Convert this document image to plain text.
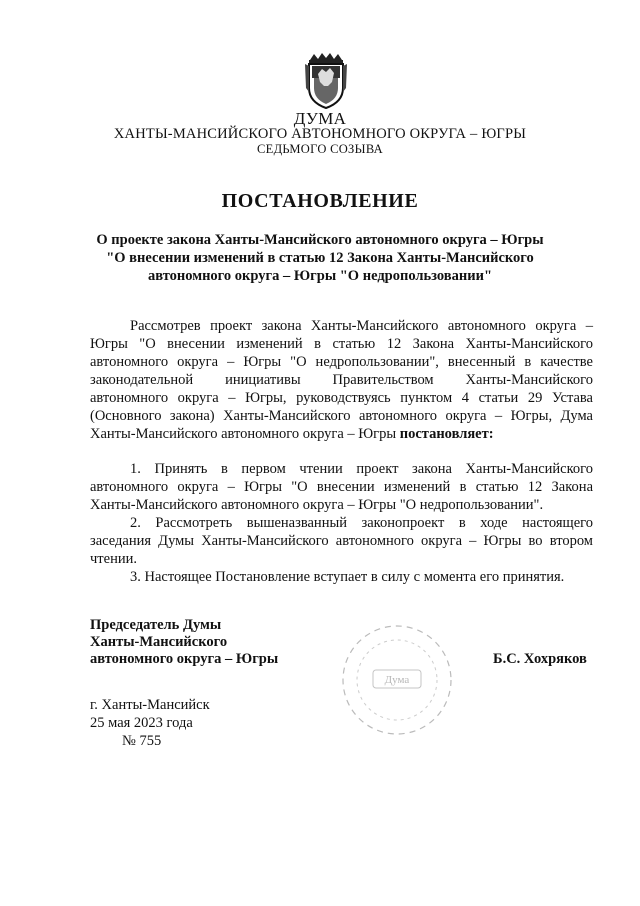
ДУМА
ХАНТЫ-МАНСИЙСКОГО АВТОНОМНОГО ОКРУГА – ЮГРЫ
СЕДЬМОГО СОЗЫВА
ПОСТАНОВЛЕНИЕ
О проекте закона Ханты-Мансийского автономного округа – Югры
"О внесении изменений в статью 12 Закона Ханты-Мансийского
автономного округа – Югры "О недропользовании"
Рассмотрев проект закона Ханты-Мансийского автономного округа –
Югры "О внесении изменений в статью 12 Закона Ханты-Мансийского
автономного округа – Югры "О недропользовании", внесенный в качестве
законодательной инициативы Правительством Ханты-Мансийского
автономного округа – Югры, руководствуясь пунктом 4 статьи 29 Устава
(Основного закона) Ханты-Мансийского автономного округа – Югры, Дума
Ханты-Мансийского автономного округа – Югры постановляет:
1. Принять в первом чтении проект закона Ханты-Мансийского
автономного округа – Югры "О внесении изменений в статью 12 Закона
Ханты-Мансийского автономного округа – Югры "О недропользовании".
2. Рассмотреть вышеназванный законопроект в ходе настоящего
заседания Думы Ханты-Мансийского автономного округа – Югры во втором
чтении.
3. Настоящее Постановление вступает в силу с момента его принятия.
Председатель Думы
Ханты-Мансийского
автономного округа – Югры	Б.С. Хохряков
Дума
г. Ханты-Мансийск
25 мая 2023 года
№ 755
